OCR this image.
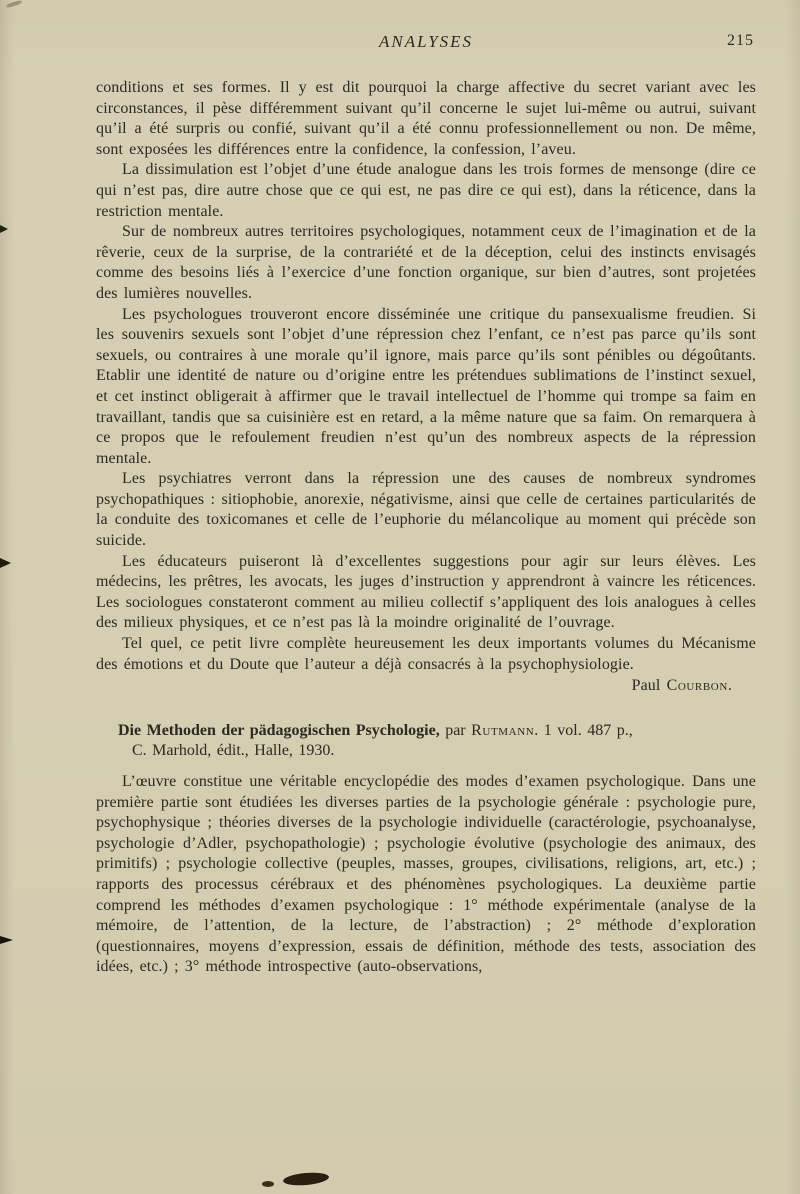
ANALYSES	215

conditions et ses formes. Il y est dit pourquoi la charge affective du secret variant avec les circonstances, il pèse différemment suivant qu’il concerne le sujet lui-même ou autrui, suivant qu’il a été surpris ou confié, suivant qu’il a été connu professionnellement ou non. De même, sont exposées les différences entre la confidence, la confession, l’aveu.

La dissimulation est l’objet d’une étude analogue dans les trois formes de mensonge (dire ce qui n’est pas, dire autre chose que ce qui est, ne pas dire ce qui est), dans la réticence, dans la restriction mentale.

Sur de nombreux autres territoires psychologiques, notamment ceux de l’imagination et de la rêverie, ceux de la surprise, de la contrariété et de la déception, celui des instincts envisagés comme des besoins liés à l’exercice d’une fonction organique, sur bien d’autres, sont projetées des lumières nouvelles.

Les psychologues trouveront encore disséminée une critique du pansexualisme freudien. Si les souvenirs sexuels sont l’objet d’une répression chez l’enfant, ce n’est pas parce qu’ils sont sexuels, ou contraires à une morale qu’il ignore, mais parce qu’ils sont pénibles ou dégoûtants. Etablir une identité de nature ou d’origine entre les prétendues sublimations de l’instinct sexuel, et cet instinct obligerait à affirmer que le travail intellectuel de l’homme qui trompe sa faim en travaillant, tandis que sa cuisinière est en retard, a la même nature que sa faim. On remarquera à ce propos que le refoulement freudien n’est qu’un des nombreux aspects de la répression mentale.

Les psychiatres verront dans la répression une des causes de nombreux syndromes psychopathiques : sitiophobie, anorexie, négativisme, ainsi que celle de certaines particularités de la conduite des toxicomanes et celle de l’euphorie du mélancolique au moment qui précède son suicide.

Les éducateurs puiseront là d’excellentes suggestions pour agir sur leurs élèves. Les médecins, les prêtres, les avocats, les juges d’instruction y apprendront à vaincre les réticences. Les sociologues constateront comment au milieu collectif s’appliquent des lois analogues à celles des milieux physiques, et ce n’est pas là la moindre originalité de l’ouvrage.

Tel quel, ce petit livre complète heureusement les deux importants volumes du Mécanisme des émotions et du Doute que l’auteur a déjà consacrés à la psychophysiologie.

Paul Courbon.

Die Methoden der pädagogischen Psychologie, par Rutmann. 1 vol. 487 p.,
C. Marhold, édit., Halle, 1930.

L’œuvre constitue une véritable encyclopédie des modes d’examen psychologique. Dans une première partie sont étudiées les diverses parties de la psychologie générale : psychologie pure, psychophysique ; théories diverses de la psychologie individuelle (caractérologie, psychoanalyse, psychologie d’Adler, psychopathologie) ; psychologie évolutive (psychologie des animaux, des primitifs) ; psychologie collective (peuples, masses, groupes, civilisations, religions, art, etc.) ; rapports des processus cérébraux et des phénomènes psychologiques. La deuxième partie comprend les méthodes d’examen psychologique : 1° méthode expérimentale (analyse de la mémoire, de l’attention, de la lecture, de l’abstraction) ; 2° méthode d’exploration (questionnaires, moyens d’expression, essais de définition, méthode des tests, association des idées, etc.) ; 3° méthode introspective (auto-observations,
